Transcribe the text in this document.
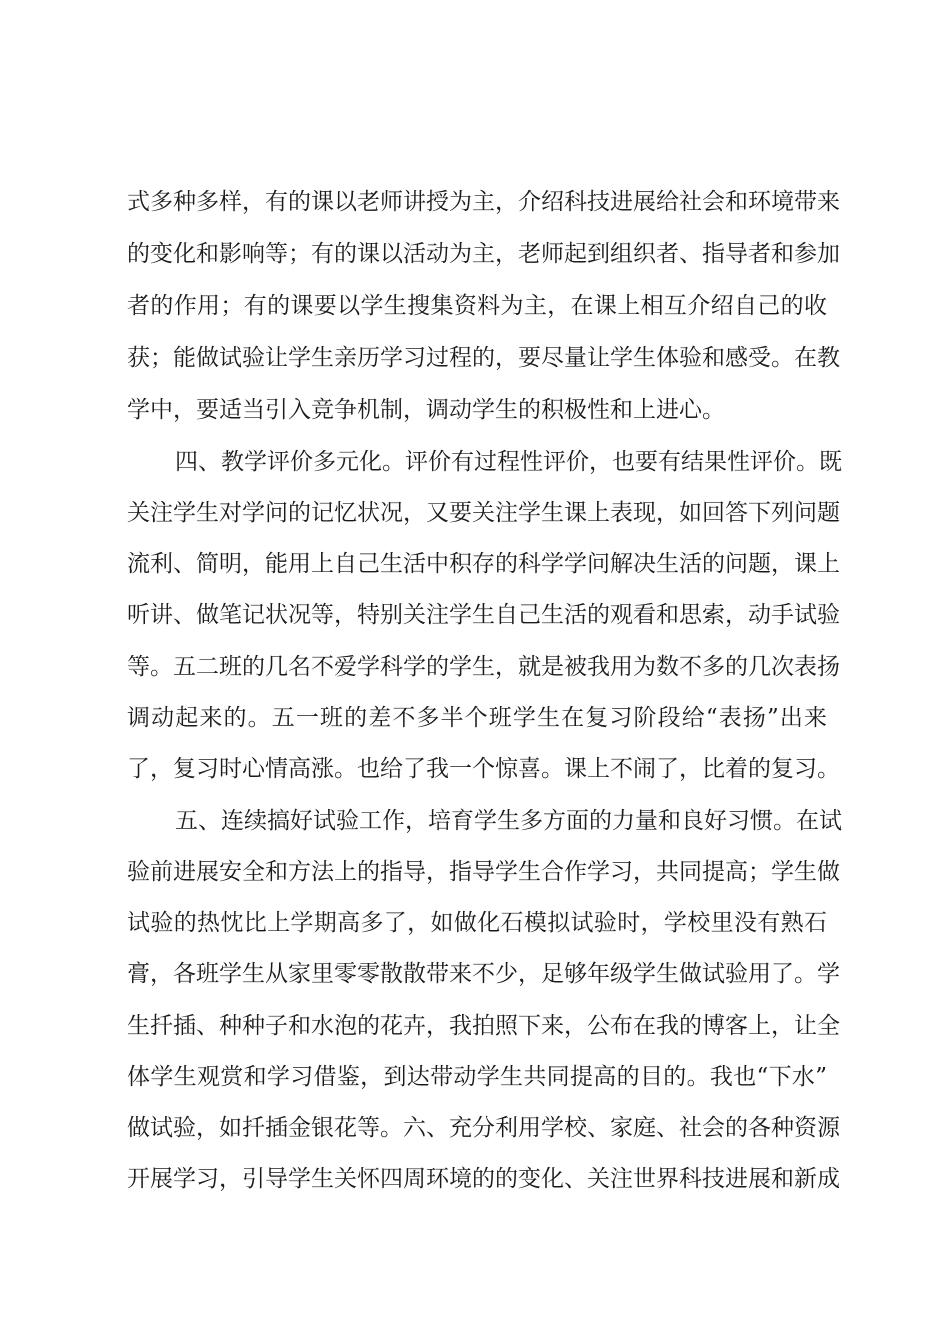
式多种多样，有的课以老师讲授为主，介绍科技进展给社会和环境带来
的变化和影响等；有的课以活动为主，老师起到组织者、指导者和参加
者的作用；有的课要以学生搜集资料为主，在课上相互介绍自己的收
获；能做试验让学生亲历学习过程的，要尽量让学生体验和感受。在教
学中，要适当引入竞争机制，调动学生的积极性和上进心。
四、教学评价多元化。评价有过程性评价，也要有结果性评价。既
关注学生对学问的记忆状况，又要关注学生课上表现，如回答下列问题
流利、简明，能用上自己生活中积存的科学学问解决生活的问题，课上
听讲、做笔记状况等，特别关注学生自己生活的观看和思索，动手试验
等。五二班的几名不爱学科学的学生，就是被我用为数不多的几次表扬
调动起来的。五一班的差不多半个班学生在复习阶段给“表扬”出来
了，复习时心情高涨。也给了我一个惊喜。课上不闹了，比着的复习。
五、连续搞好试验工作，培育学生多方面的力量和良好习惯。在试
验前进展安全和方法上的指导，指导学生合作学习，共同提高；学生做
试验的热忱比上学期高多了，如做化石模拟试验时，学校里没有熟石
膏，各班学生从家里零零散散带来不少，足够年级学生做试验用了。学
生扦插、种种子和水泡的花卉，我拍照下来，公布在我的博客上，让全
体学生观赏和学习借鉴，到达带动学生共同提高的目的。我也“下水”
做试验，如扦插金银花等。六、充分利用学校、家庭、社会的各种资源
开展学习，引导学生关怀四周环境的的变化、关注世界科技进展和新成
